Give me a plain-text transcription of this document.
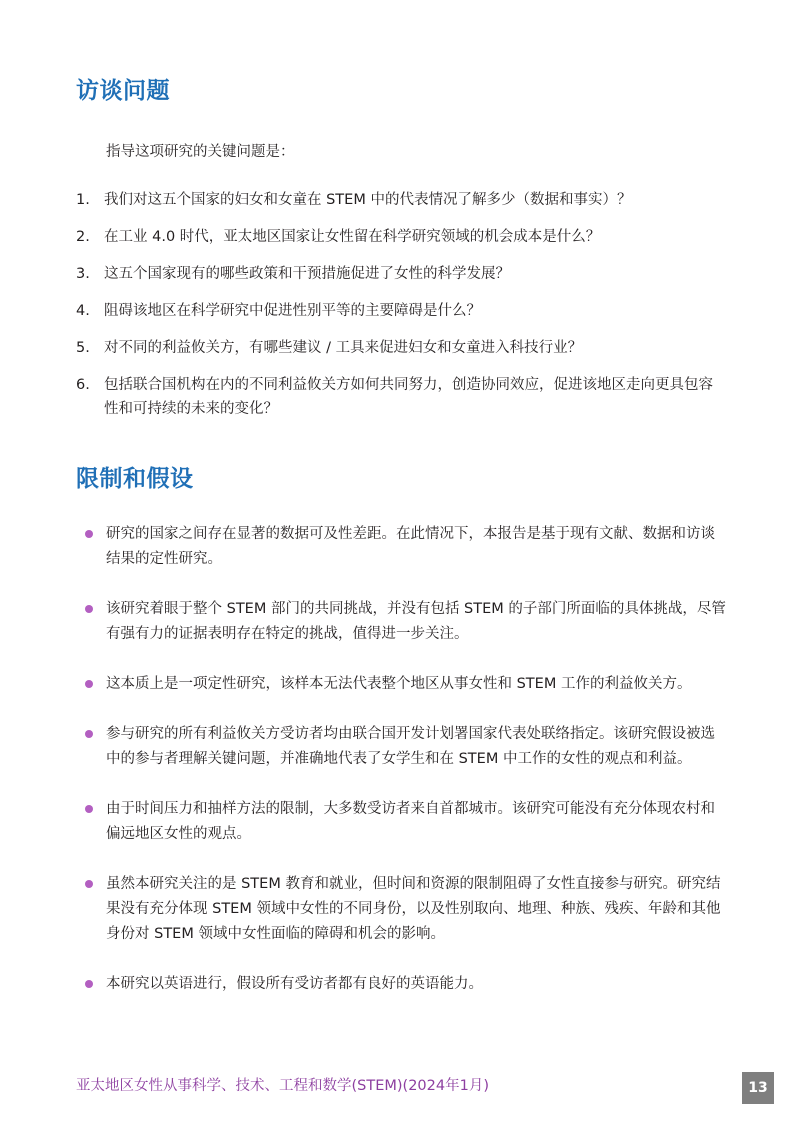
访谈问题

指导这项研究的关键问题是：

1. 我们对这五个国家的妇女和女童在 STEM 中的代表情况了解多少（数据和事实）？
2. 在工业 4.0 时代，亚太地区国家让女性留在科学研究领域的机会成本是什么？
3. 这五个国家现有的哪些政策和干预措施促进了女性的科学发展？
4. 阻碍该地区在科学研究中促进性别平等的主要障碍是什么？
5. 对不同的利益攸关方，有哪些建议 / 工具来促进妇女和女童进入科技行业？
6. 包括联合国机构在内的不同利益攸关方如何共同努力，创造协同效应，促进该地区走向更具包容性和可持续的未来的变化？
限制和假设
研究的国家之间存在显著的数据可及性差距。在此情况下，本报告是基于现有文献、数据和访谈结果的定性研究。
该研究着眼于整个 STEM 部门的共同挑战，并没有包括 STEM 的子部门所面临的具体挑战，尽管有强有力的证据表明存在特定的挑战，值得进一步关注。
这本质上是一项定性研究，该样本无法代表整个地区从事女性和 STEM 工作的利益攸关方。
参与研究的所有利益攸关方受访者均由联合国开发计划署国家代表处联络指定。该研究假设被选中的参与者理解关键问题，并准确地代表了女学生和在 STEM 中工作的女性的观点和利益。
由于时间压力和抽样方法的限制，大多数受访者来自首都城市。该研究可能没有充分体现农村和偏远地区女性的观点。
虽然本研究关注的是 STEM 教育和就业，但时间和资源的限制阻碍了女性直接参与研究。研究结果没有充分体现 STEM 领域中女性的不同身份，以及性别取向、地理、种族、残疾、年龄和其他身份对 STEM 领域中女性面临的障碍和机会的影响。
本研究以英语进行，假设所有受访者都有良好的英语能力。
亚太地区女性从事科学、技术、工程和数学(STEM)(2024年1月)	13
